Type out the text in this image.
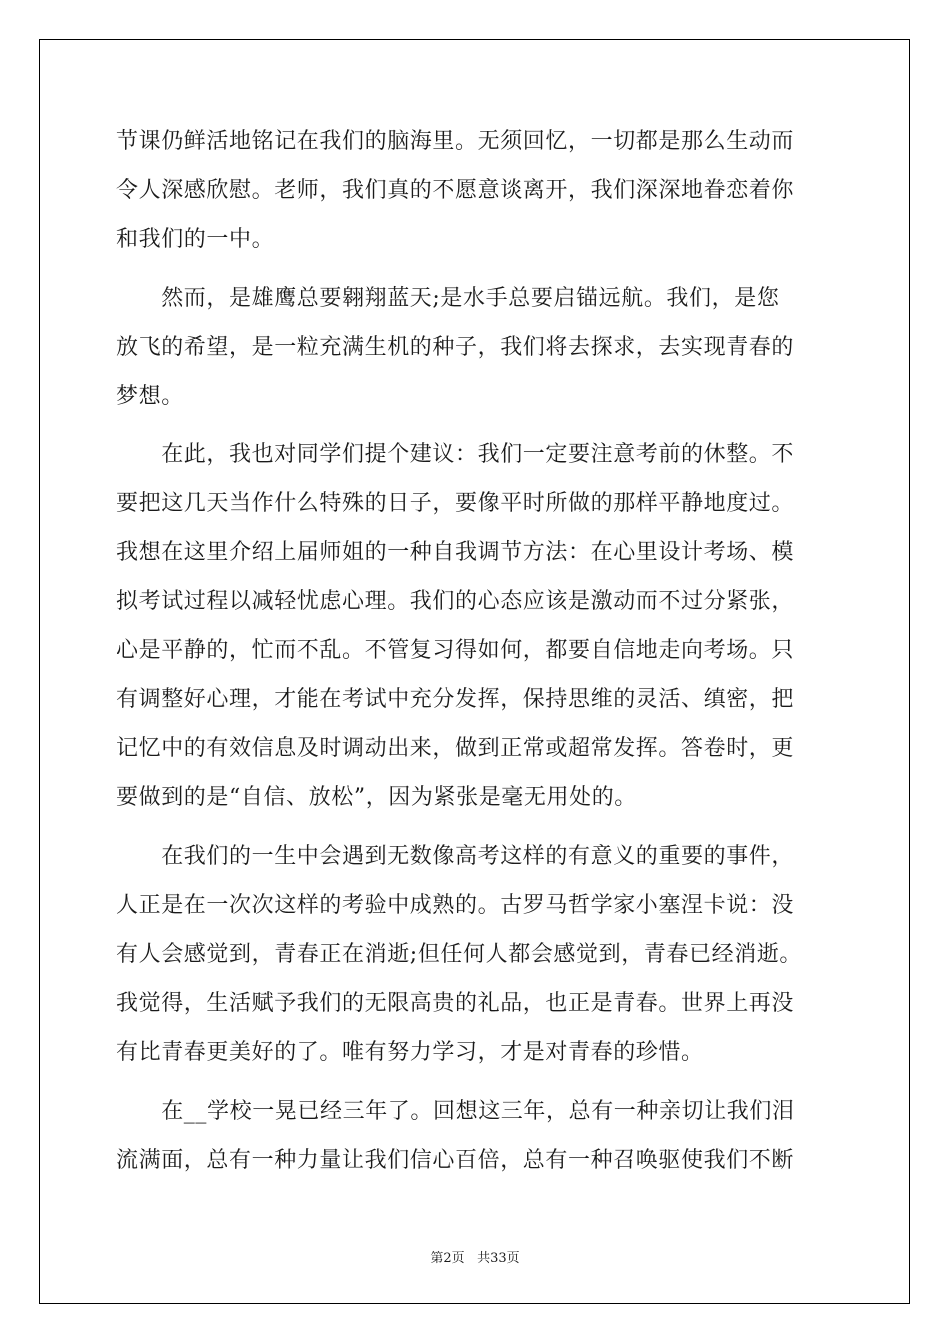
节课仍鲜活地铭记在我们的脑海里。无须回忆，一切都是那么生动而
令人深感欣慰。老师，我们真的不愿意谈离开，我们深深地眷恋着你
和我们的一中。
　　然而，是雄鹰总要翱翔蓝天;是水手总要启锚远航。我们，是您
放飞的希望，是一粒充满生机的种子，我们将去探求，去实现青春的
梦想。
　　在此，我也对同学们提个建议：我们一定要注意考前的休整。不
要把这几天当作什么特殊的日子，要像平时所做的那样平静地度过。
我想在这里介绍上届师姐的一种自我调节方法：在心里设计考场、模
拟考试过程以减轻忧虑心理。我们的心态应该是激动而不过分紧张，
心是平静的，忙而不乱。不管复习得如何，都要自信地走向考场。只
有调整好心理，才能在考试中充分发挥，保持思维的灵活、缜密，把
记忆中的有效信息及时调动出来，做到正常或超常发挥。答卷时，更
要做到的是“自信、放松”，因为紧张是毫无用处的。
　　在我们的一生中会遇到无数像高考这样的有意义的重要的事件，
人正是在一次次这样的考验中成熟的。古罗马哲学家小塞涅卡说：没
有人会感觉到，青春正在消逝;但任何人都会感觉到，青春已经消逝。
我觉得，生活赋予我们的无限高贵的礼品，也正是青春。世界上再没
有比青春更美好的了。唯有努力学习，才是对青春的珍惜。
　　在__学校一晃已经三年了。回想这三年，总有一种亲切让我们泪
流满面，总有一种力量让我们信心百倍，总有一种召唤驱使我们不断
第2页 共33页
